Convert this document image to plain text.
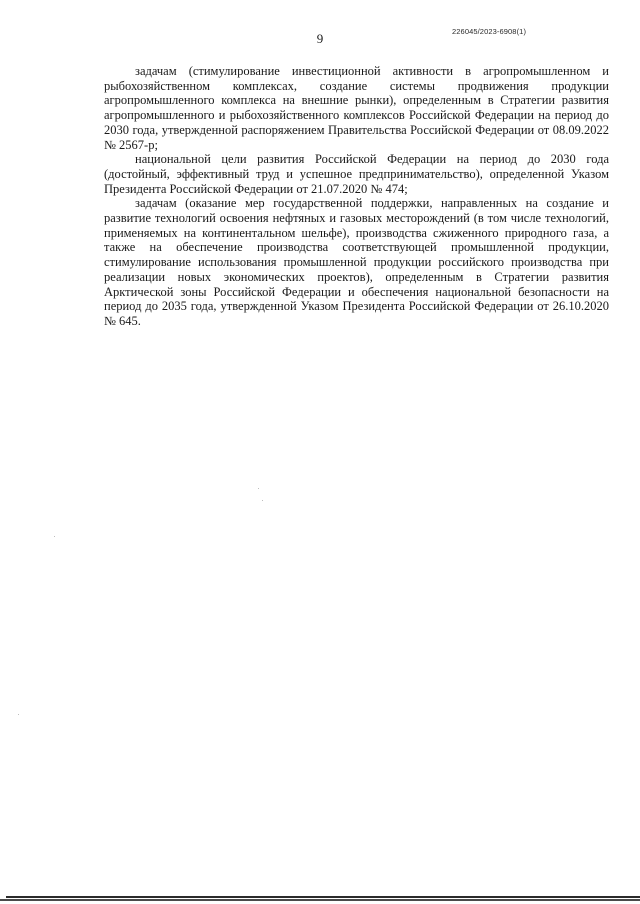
9	226045/2023-6908(1)

задачам (стимулирование инвестиционной активности в агропромышленном и рыбохозяйственном комплексах, создание системы продвижения продукции агропромышленного комплекса на внешние рынки), определенным в Стратегии развития агропромышленного и рыбохозяйственного комплексов Российской Федерации на период до 2030 года, утвержденной распоряжением Правительства Российской Федерации от 08.09.2022 № 2567-р;

национальной цели развития Российской Федерации на период до 2030 года (достойный, эффективный труд и успешное предпринимательство), определенной Указом Президента Российской Федерации от 21.07.2020 № 474;

задачам (оказание мер государственной поддержки, направленных на создание и развитие технологий освоения нефтяных и газовых месторождений (в том числе технологий, применяемых на континентальном шельфе), производства сжиженного природного газа, а также на обеспечение производства соответствующей промышленной продукции, стимулирование использования промышленной продукции российского производства при реализации новых экономических проектов), определенным в Стратегии развития Арктической зоны Российской Федерации и обеспечения национальной безопасности на период до 2035 года, утвержденной Указом Президента Российской Федерации от 26.10.2020 № 645.
